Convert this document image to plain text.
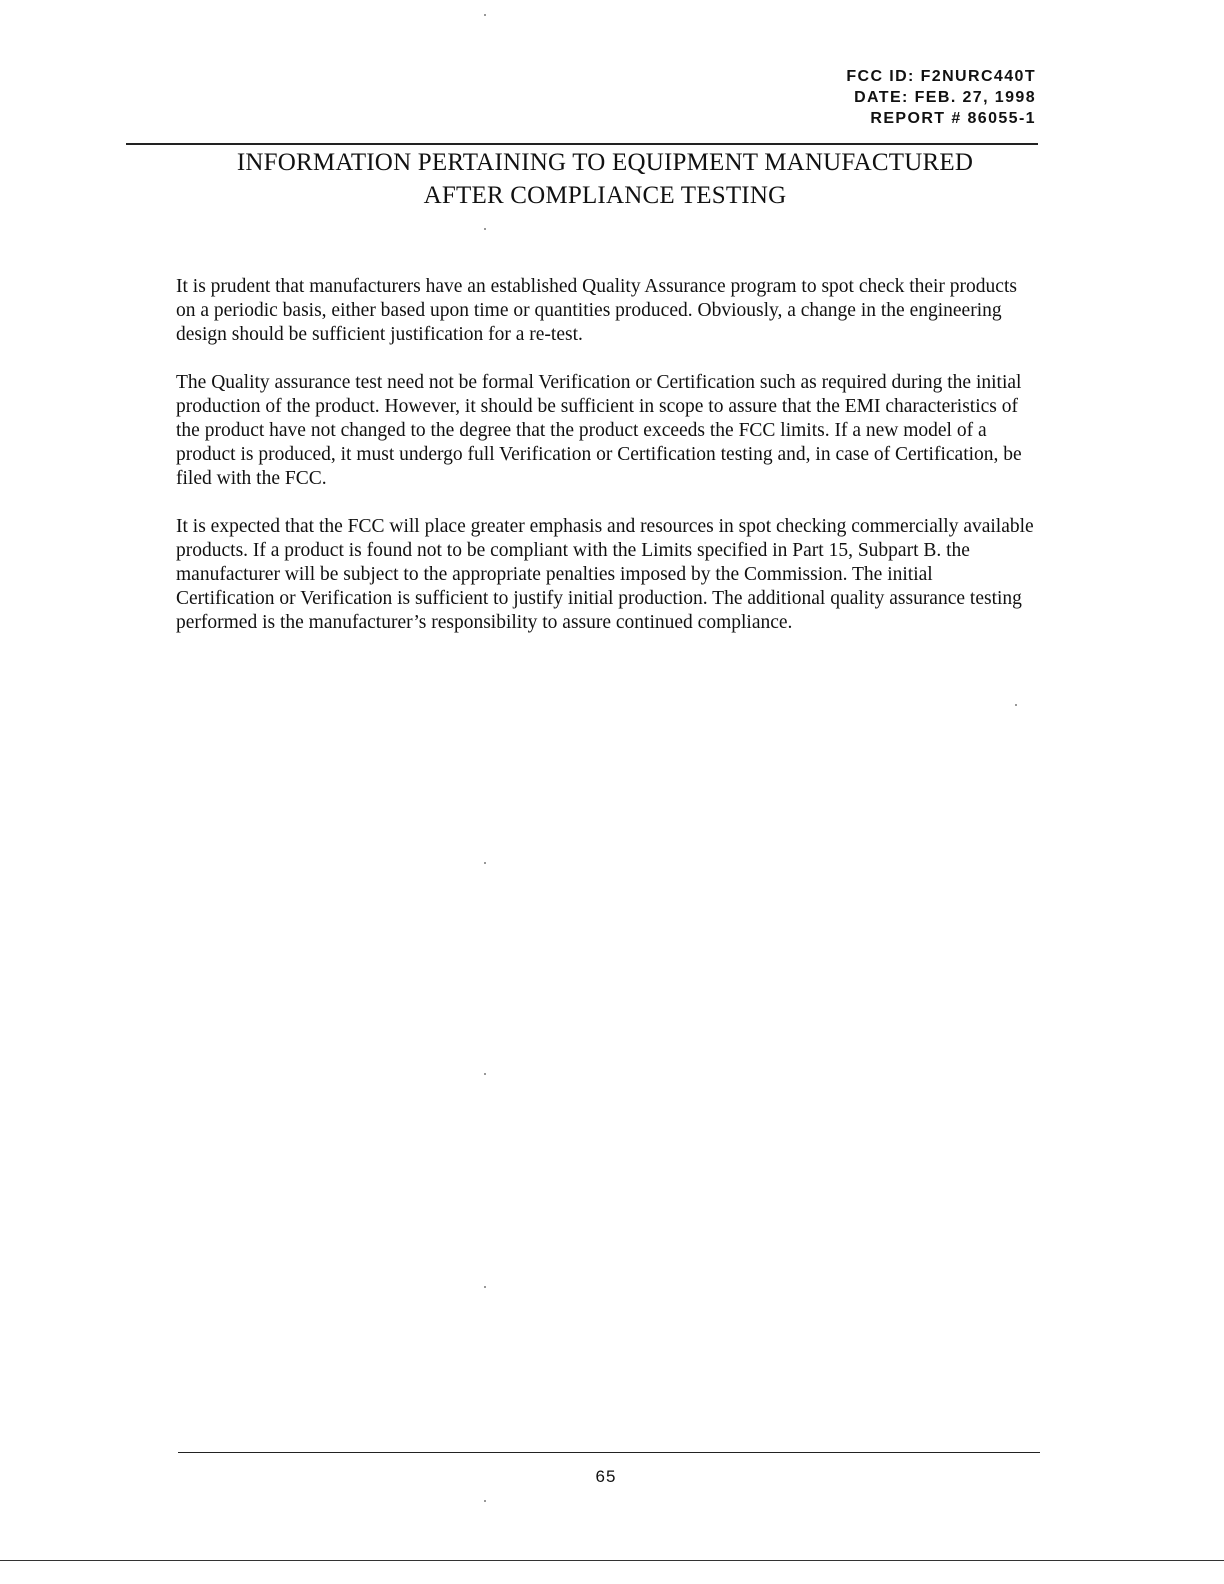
FCC ID: F2NURC440T
DATE: FEB. 27, 1998
REPORT # 86055-1
INFORMATION PERTAINING TO EQUIPMENT MANUFACTURED
AFTER COMPLIANCE TESTING

It is prudent that manufacturers have an established Quality Assurance program to spot check their products on a periodic basis, either based upon time or quantities produced. Obviously, a change in the engineering design should be sufficient justification for a re-test.

The Quality assurance test need not be formal Verification or Certification such as required during the initial production of the product. However, it should be sufficient in scope to assure that the EMI characteristics of the product have not changed to the degree that the product exceeds the FCC limits. If a new model of a product is produced, it must undergo full Verification or Certification testing and, in case of Certification, be filed with the FCC.

It is expected that the FCC will place greater emphasis and resources in spot checking commercially available products. If a product is found not to be compliant with the Limits specified in Part 15, Subpart B. the manufacturer will be subject to the appropriate penalties imposed by the Commission. The initial Certification or Verification is sufficient to justify initial production. The additional quality assurance testing performed is the manufacturer’s responsibility to assure continued compliance.

65
